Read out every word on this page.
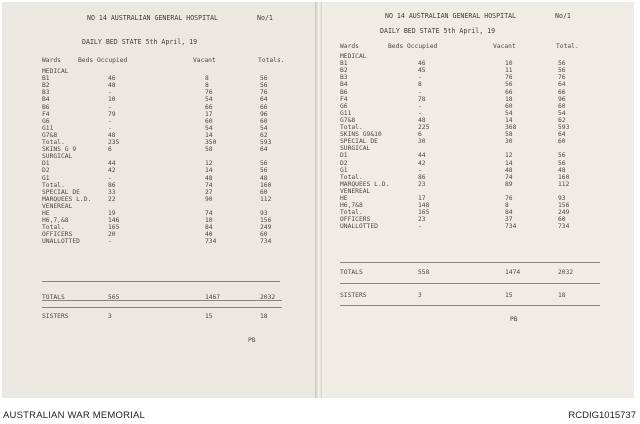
NO 14 AUSTRALIAN GENERAL HOSPITAL	No/1
DAILY BED STATE 5th April, 19
Wards	Beds Occupied	Vacant	Totals.
MEDICAL
B1	46	8	56
B2	48	8	56
B3	-	76	76
B4	10	54	64
B6	-	66	66
F4	79	17	96
G6	-	60	60
G11	-	54	54
G7&8	48	14	62
Total.	235	350	593
SKINS G 9	6	58	64
SURGICAL
D1	44	12	56
D2	42	14	56
G1	-	48	48
Total.	86	74	160
SPECIAL DE	33	27	60
MARQUEES L.D.	22	90	112
VENEREAL
HE	19	74	93
H6,7,&8	146	10	156
Total.	165	84	249
OFFICERS	20	40	60
UNALLOTTED	-	734	734
TOTALS	565	1467	2032
SISTERS	3	15	18
PB
NO 14 AUSTRALIAN GENERAL HOSPITAL	No/1
DAILY BED STATE 5th April, 19
Wards	Beds Occupied	Vacant	Total.
MEDICAL
B1	46	10	56
B2	45	11	56
B3	-	76	76
B4	8	56	64
B6	-	66	66
F4	78	18	96
G6	-	60	60
G11	-	54	54
G7&8	48	14	62
Total.	225	368	593
SKINS G9&10	6	58	64
SPECIAL DE	30	30	60
SURGICAL
D1	44	12	56
D2	42	14	56
G1	-	48	48
Total.	86	74	160
MARQUEES L.D.	23	89	112
VENEREAL
HE	17	76	93
H6,7&8	148	8	156
Total.	165	84	249
OFFICERS	23	37	60
UNALLOTTED	-	734	734
TOTALS	558	1474	2032
SISTERS	3	15	18
PB
AUSTRALIAN WAR MEMORIAL	RCDIG1015737
